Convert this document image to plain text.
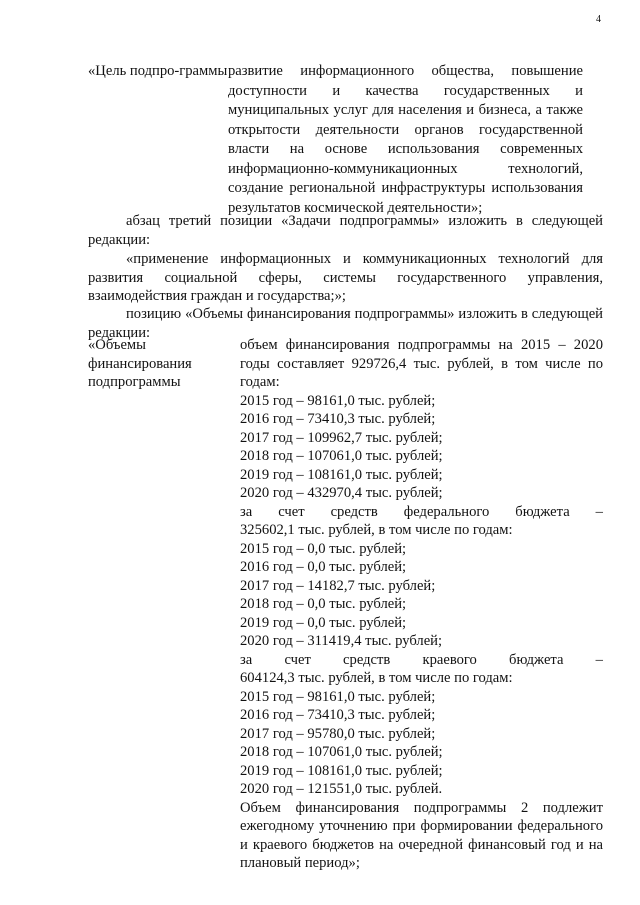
4
«Цель подпро-граммы развитие информационного общества, повышение доступности и качества государственных и муниципальных услуг для населения и бизнеса, а также открытости деятельности органов государственной власти на основе использования современных информационно-коммуникационных технологий, создание региональной инфраструктуры использования результатов космической деятельности»;
абзац третий позиции «Задачи подпрограммы» изложить в следующей редакции:
«применение информационных и коммуникационных технологий для развития социальной сферы, системы государственного управления, взаимодействия граждан и государства;»;
позицию «Объемы финансирования подпрограммы» изложить в следующей редакции:
«Объемы финансирования подпрограммы
объем финансирования подпрограммы на 2015 – 2020 годы составляет 929726,4 тыс. рублей, в том числе по годам:
2015 год – 98161,0 тыс. рублей;
2016 год – 73410,3 тыс. рублей;
2017 год – 109962,7 тыс. рублей;
2018 год – 107061,0 тыс. рублей;
2019 год – 108161,0 тыс. рублей;
2020 год – 432970,4 тыс. рублей;
за счет средств федерального бюджета –
325602,1 тыс. рублей, в том числе по годам:
2015 год – 0,0 тыс. рублей;
2016 год – 0,0 тыс. рублей;
2017 год – 14182,7 тыс. рублей;
2018 год – 0,0 тыс. рублей;
2019 год – 0,0 тыс. рублей;
2020 год – 311419,4 тыс. рублей;
за счет средств краевого бюджета –
604124,3 тыс. рублей, в том числе по годам:
2015 год – 98161,0 тыс. рублей;
2016 год – 73410,3 тыс. рублей;
2017 год – 95780,0 тыс. рублей;
2018 год – 107061,0 тыс. рублей;
2019 год – 108161,0 тыс. рублей;
2020 год – 121551,0 тыс. рублей.
Объем финансирования подпрограммы 2 подлежит ежегодному уточнению при формировании федерального и краевого бюджетов на очередной финансовый год и на плановый период»;
